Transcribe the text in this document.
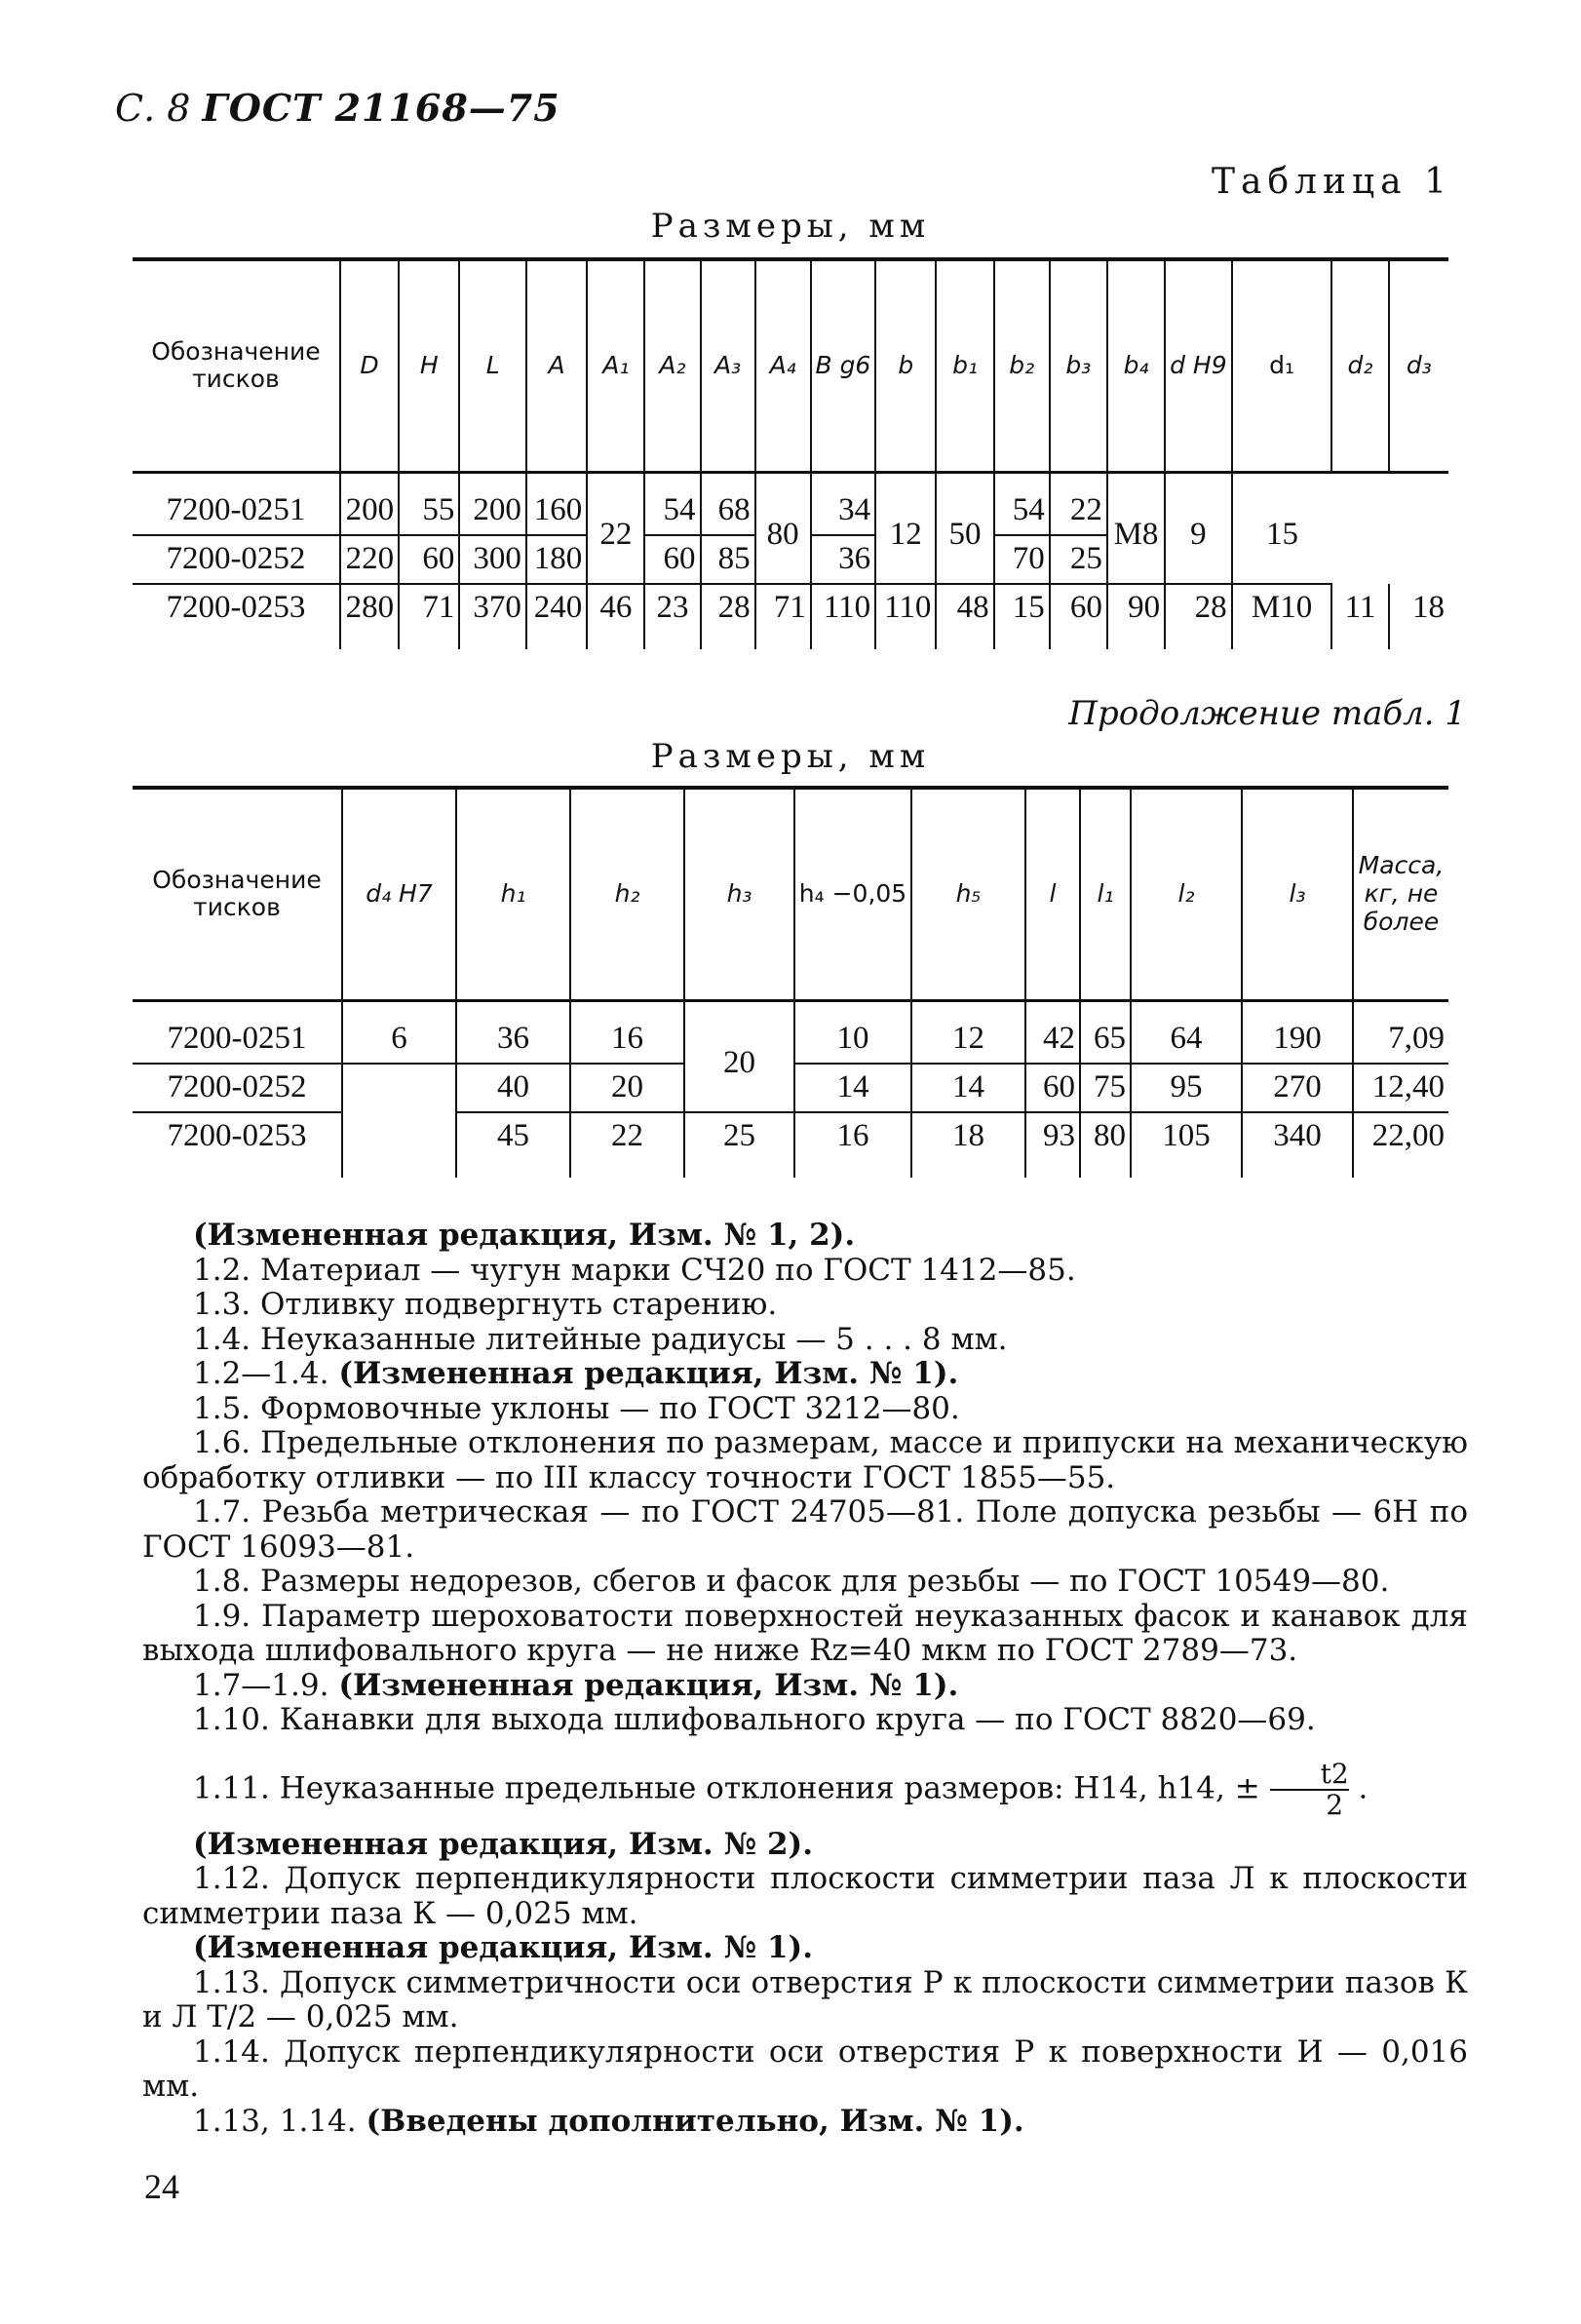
С. 8 ГОСТ 21168—75
Таблица 1
Размеры, мм
Обозначение тисков	D	H	L	A	A₁	A₂	A₃	A₄	B g6	b	b₁	b₂	b₃	b₄	d H9	d₁	d₂	d₃
7200-0251	200	55	200	160	22	54	68	80	34	12	50	54	22	М8	9	15		
7200-0252	220	60	300	180		60	85		36			70	25					
7200-0253	280	71	370	240	46	23	28	71	110	110	48	15	60	90	28	М10	11	18
Продолжение табл. 1
Размеры, мм
Обозначение тисков	d₄ H7	h₁	h₂	h₃	h₄ −0,05	h₅	l	l₁	l₂	l₃	Масса, кг, не более
7200-0251	6	36	16	20	10	12	42	65	64	190	7,09
7200-0252		40	20		14	14	60	75	95	270	12,40
7200-0253		45	22	25	16	18	93	80	105	340	22,00

(Измененная редакция, Изм. № 1, 2).

1.2. Материал — чугун марки СЧ20 по ГОСТ 1412—85.

1.3. Отливку подвергнуть старению.

1.4. Неуказанные литейные радиусы — 5 . . . 8 мм.

1.2—1.4. (Измененная редакция, Изм. № 1).

1.5. Формовочные уклоны — по ГОСТ 3212—80.

1.6. Предельные отклонения по размерам, массе и припуски на механическую обработку отливки — по III классу точности ГОСТ 1855—55.

1.7. Резьба метрическая — по ГОСТ 24705—81. Поле допуска резьбы — 6Н по ГОСТ 16093—81.

1.8. Размеры недорезов, сбегов и фасок для резьбы — по ГОСТ 10549—80.

1.9. Параметр шероховатости поверхностей неуказанных фасок и канавок для выхода шлифовального круга — не ниже Rz=40 мкм по ГОСТ 2789—73.

1.7—1.9. (Измененная редакция, Изм. № 1).

1.10. Канавки для выхода шлифовального круга — по ГОСТ 8820—69.

1.11. Неуказанные предельные отклонения размеров: Н14, h14, ± $\frac{t2}{2}$ .

(Измененная редакция, Изм. № 2).

1.12. Допуск перпендикулярности плоскости симметрии паза Л к плоскости симметрии паза К — 0,025 мм.

(Измененная редакция, Изм. № 1).

1.13. Допуск симметричности оси отверстия Р к плоскости симметрии пазов К и Л Т/2 — 0,025 мм.

1.14. Допуск перпендикулярности оси отверстия Р к поверхности И — 0,016 мм.

1.13, 1.14. (Введены дополнительно, Изм. № 1).

24
